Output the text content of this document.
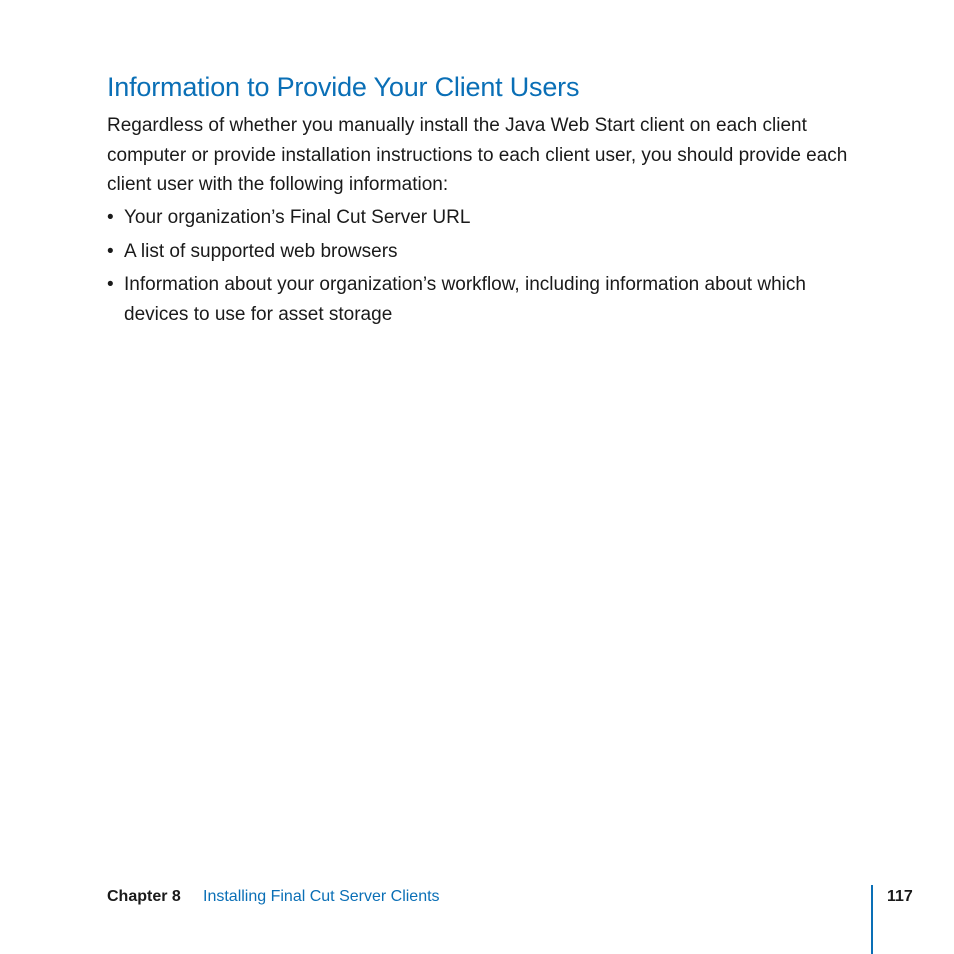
Information to Provide Your Client Users

Regardless of whether you manually install the Java Web Start client on each client computer or provide installation instructions to each client user, you should provide each client user with the following information:

• Your organization’s Final Cut Server URL
• A list of supported web browsers
• Information about your organization’s workflow, including information about which devices to use for asset storage
Chapter 8 Installing Final Cut Server Clients	117
